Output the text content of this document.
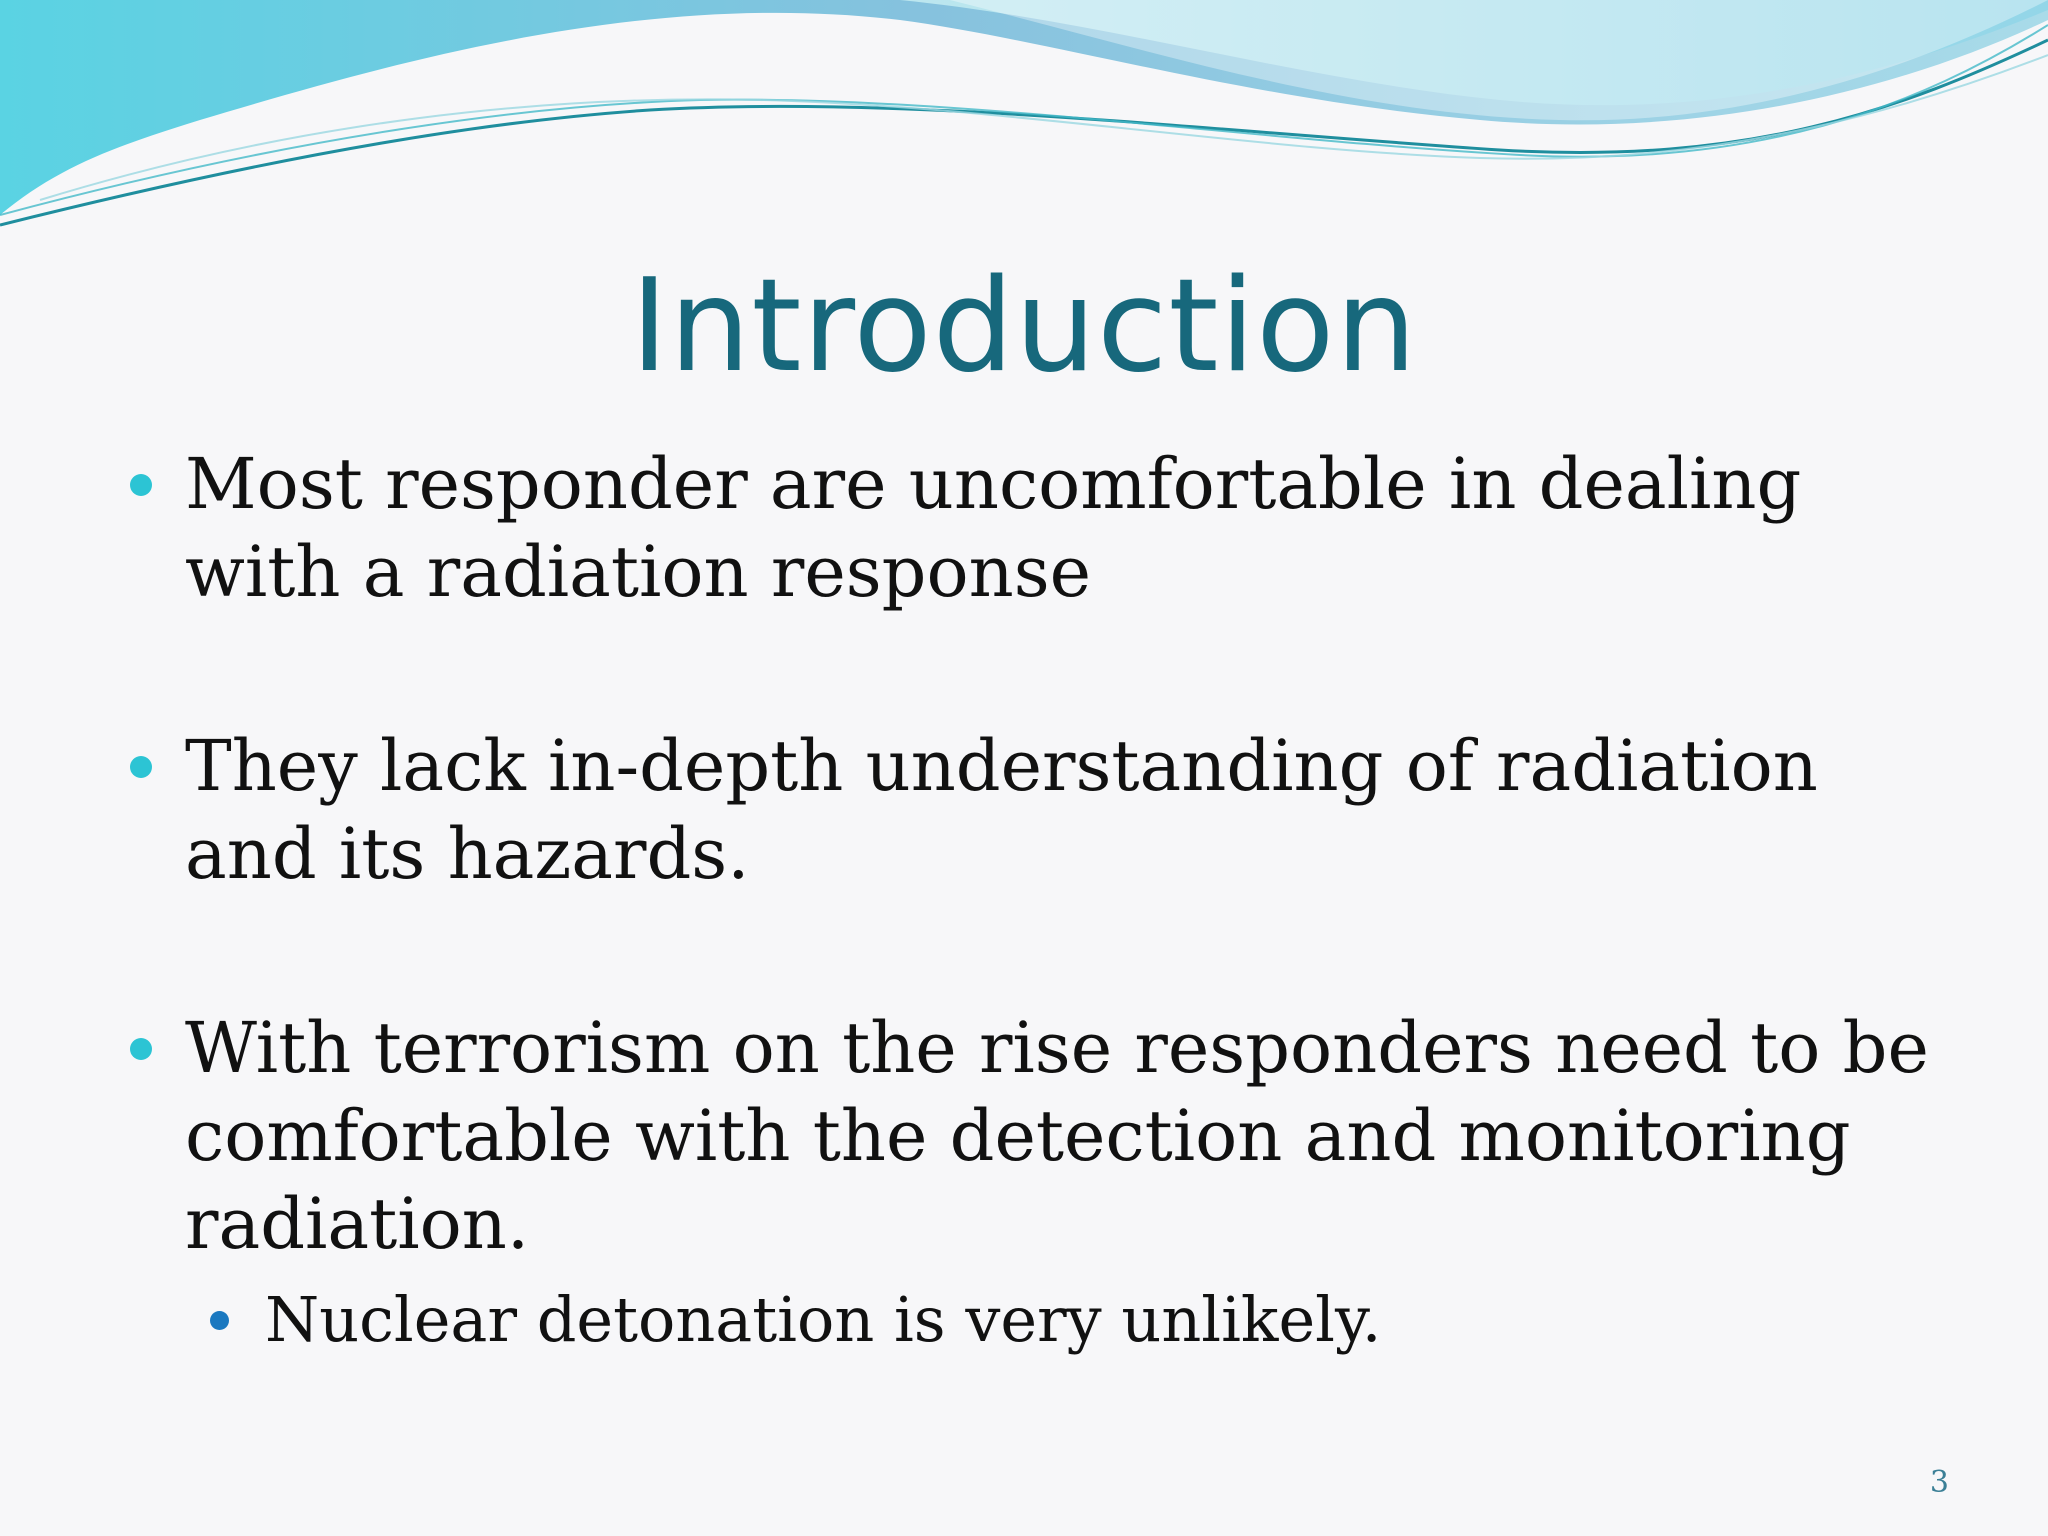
Introduction
Most responder are uncomfortable in dealing with a radiation response
They lack in-depth understanding of radiation and its hazards.
With terrorism on the rise responders need to be comfortable with the detection and monitoring radiation.
Nuclear detonation is very unlikely.
3
